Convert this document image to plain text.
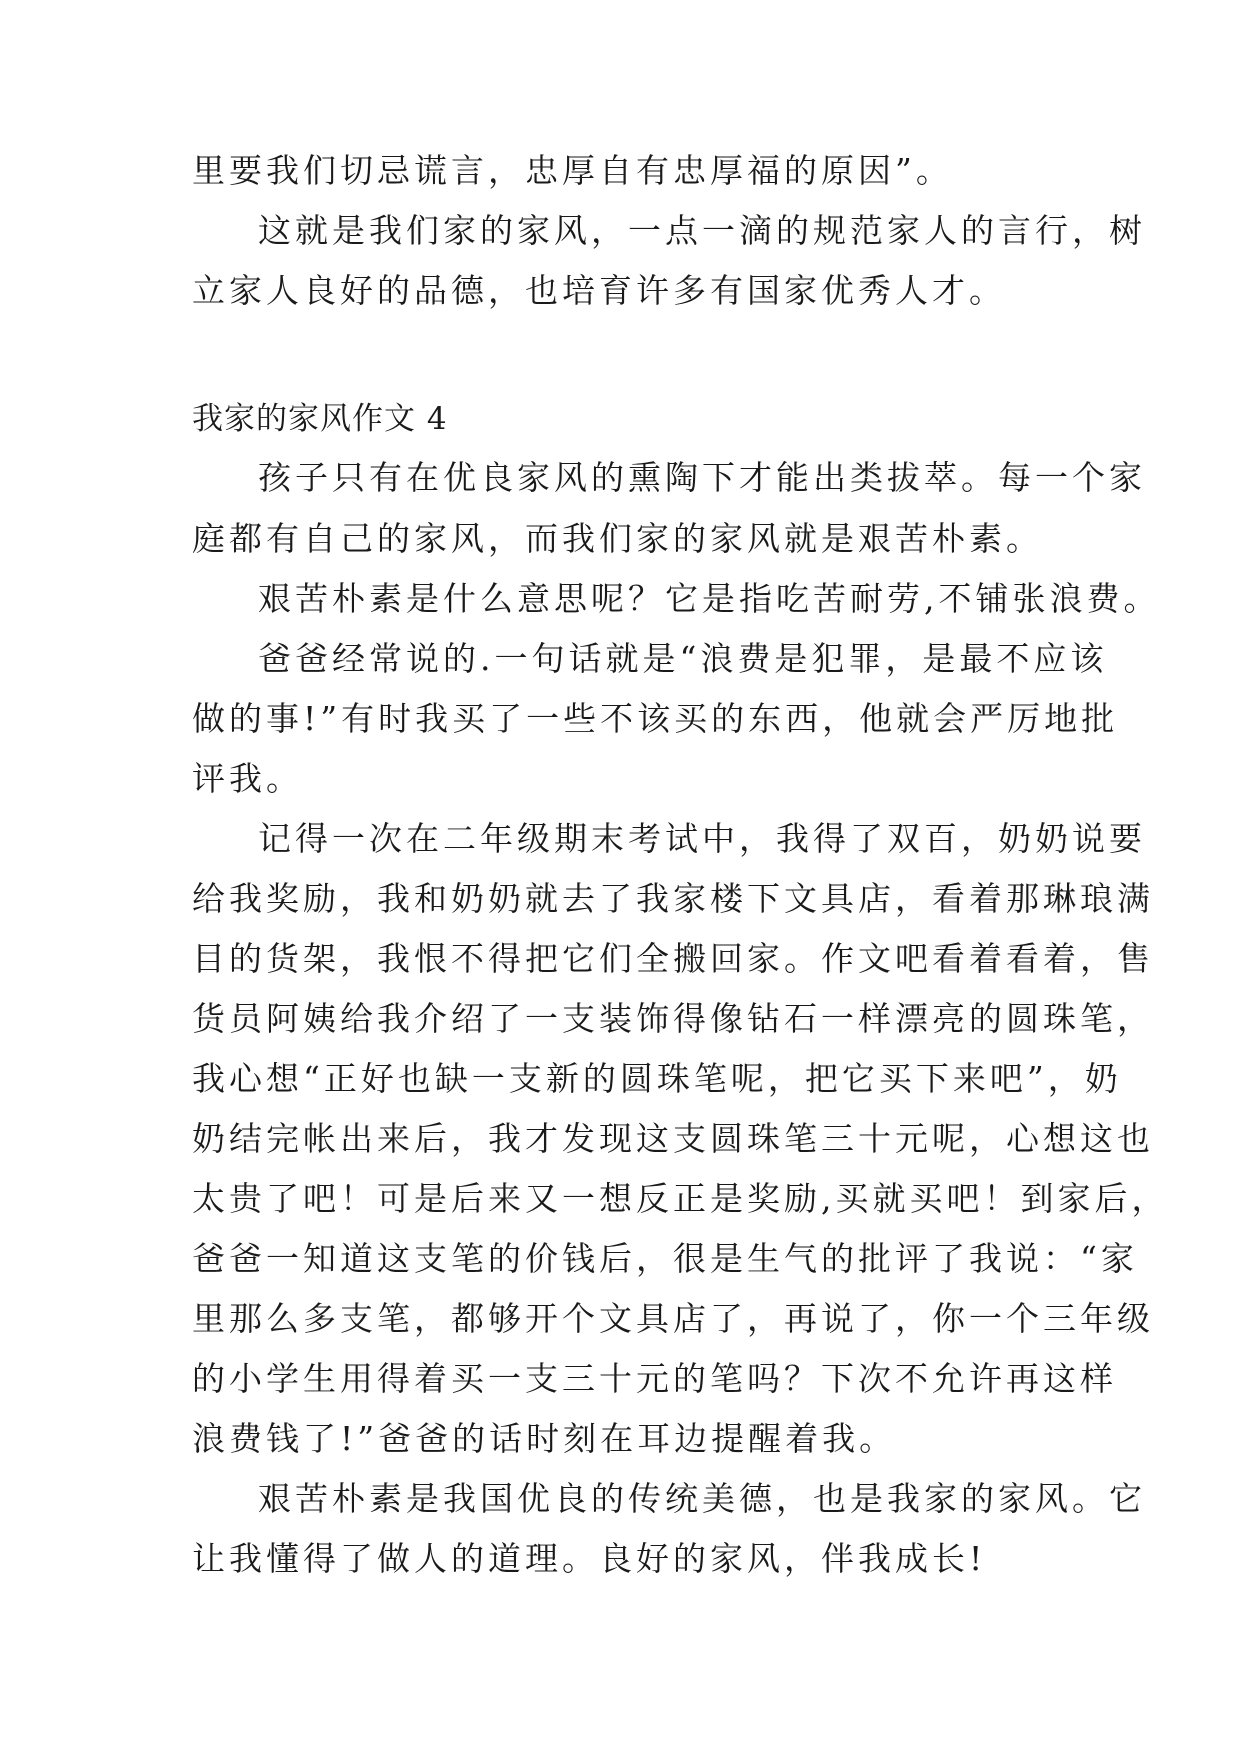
里要我们切忌谎言，忠厚自有忠厚福的原因”。
这就是我们家的家风，一点一滴的规范家人的言行，树
立家人良好的品德，也培育许多有国家优秀人才。
我家的家风作文 4
孩子只有在优良家风的熏陶下才能出类拔萃。每一个家
庭都有自己的家风，而我们家的家风就是艰苦朴素。
艰苦朴素是什么意思呢？它是指吃苦耐劳,不铺张浪费。
爸爸经常说的.一句话就是“浪费是犯罪，是最不应该
做的事!”有时我买了一些不该买的东西，他就会严厉地批
评我。
记得一次在二年级期末考试中，我得了双百，奶奶说要
给我奖励，我和奶奶就去了我家楼下文具店，看着那琳琅满
目的货架，我恨不得把它们全搬回家。作文吧看着看着，售
货员阿姨给我介绍了一支装饰得像钻石一样漂亮的圆珠笔，
我心想“正好也缺一支新的圆珠笔呢，把它买下来吧”，奶
奶结完帐出来后，我才发现这支圆珠笔三十元呢，心想这也
太贵了吧！可是后来又一想反正是奖励,买就买吧！到家后，
爸爸一知道这支笔的价钱后，很是生气的批评了我说：“家
里那么多支笔，都够开个文具店了，再说了，你一个三年级
的小学生用得着买一支三十元的笔吗？下次不允许再这样
浪费钱了!”爸爸的话时刻在耳边提醒着我。
艰苦朴素是我国优良的传统美德，也是我家的家风。它
让我懂得了做人的道理。良好的家风，伴我成长!
